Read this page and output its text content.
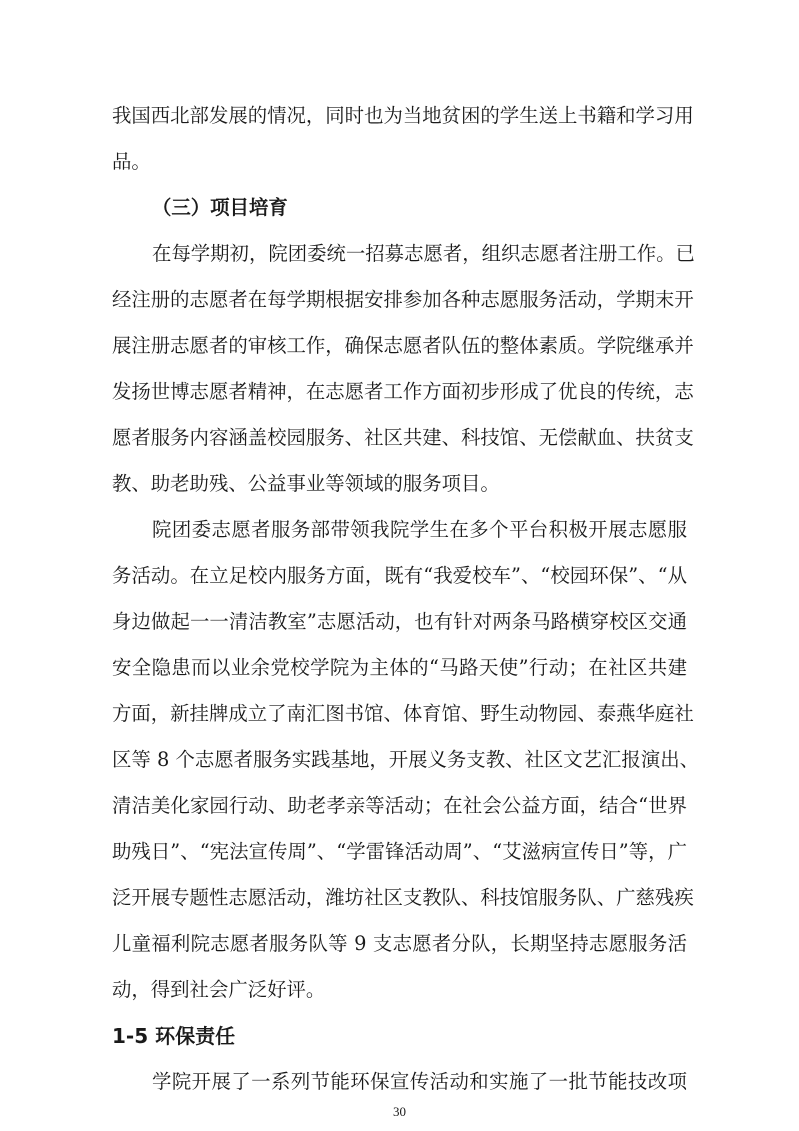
我国西北部发展的情况，同时也为当地贫困的学生送上书籍和学习用
品。
（三）项目培育
在每学期初，院团委统一招募志愿者，组织志愿者注册工作。已
经注册的志愿者在每学期根据安排参加各种志愿服务活动，学期末开
展注册志愿者的审核工作，确保志愿者队伍的整体素质。学院继承并
发扬世博志愿者精神，在志愿者工作方面初步形成了优良的传统，志
愿者服务内容涵盖校园服务、社区共建、科技馆、无偿献血、扶贫支
教、助老助残、公益事业等领域的服务项目。
院团委志愿者服务部带领我院学生在多个平台积极开展志愿服
务活动。在立足校内服务方面，既有“我爱校车”、“校园环保”、“从
身边做起一一清洁教室”志愿活动，也有针对两条马路横穿校区交通
安全隐患而以业余党校学院为主体的“马路天使”行动；在社区共建
方面，新挂牌成立了南汇图书馆、体育馆、野生动物园、泰燕华庭社
区等 8 个志愿者服务实践基地，开展义务支教、社区文艺汇报演出、
清洁美化家园行动、助老孝亲等活动；在社会公益方面，结合“世界
助残日”、“宪法宣传周”、“学雷锋活动周”、“艾滋病宣传日”等，广
泛开展专题性志愿活动，潍坊社区支教队、科技馆服务队、广慈残疾
儿童福利院志愿者服务队等 9 支志愿者分队，长期坚持志愿服务活
动，得到社会广泛好评。
1-5 环保责任
学院开展了一系列节能环保宣传活动和实施了一批节能技改项
30
